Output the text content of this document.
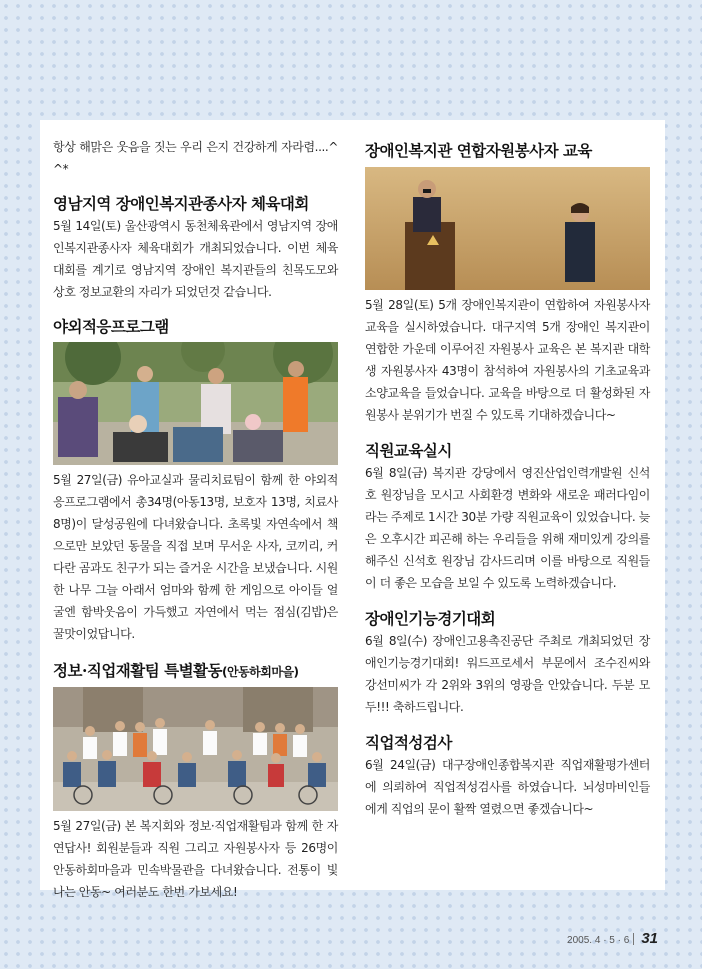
항상 해맑은 웃음을 짓는 우리 은지 건강하게 자라렴....^^*

영남지역 장애인복지관종사자 체육대회

5월 14일(토) 울산광역시 동천체육관에서 영남지역 장애인복지관종사자 체육대회가 개최되었습니다. 이번 체육대회를 계기로 영남지역 장애인 복지관들의 친목도모와 상호 정보교환의 자리가 되었던것 같습니다.

야외적응프로그램

5월 27일(금) 유아교실과 물리치료팀이 함께 한 야외적응프로그램에서 총34명(아동13명, 보호자 13명, 치료사 8명)이 달성공원에 다녀왔습니다. 초록빛 자연속에서 책으로만 보았던 동물을 직접 보며 무서운 사자, 코끼리, 커다란 곰과도 친구가 되는 즐거운 시간을 보냈습니다. 시원한 나무 그늘 아래서 엄마와 함께 한 게임으로 아이들 얼굴엔 함박웃음이 가득했고 자연에서 먹는 점심(김밥)은 꿀맛이었답니다.

정보·직업재활팀 특별활동(안동하회마을)

5월 27일(금) 본 복지회와 정보·직업재활팀과 함께 한 자연답사! 회원분들과 직원 그리고 자원봉사자 등 26명이 안동하회마을과 민속박물관을 다녀왔습니다. 전통이 빛나는 안동~ 여러분도 한번 가보세요!

장애인복지관 연합자원봉사자 교육

5월 28일(토) 5개 장애인복지관이 연합하여 자원봉사자 교육을 실시하였습니다. 대구지역 5개 장애인 복지관이 연합한 가운데 이루어진 자원봉사 교육은 본 복지관 대학생 자원봉사자 43명이 참석하여 자원봉사의 기초교육과 소양교육을 들었습니다. 교육을 바탕으로 더 활성화된 자원봉사 분위기가 번질 수 있도록 기대하겠습니다~

직원교육실시

6월 8일(금) 복지관 강당에서 영진산업인력개발원 신석호 원장님을 모시고 사회환경 변화와 새로운 패러다임이라는 주제로 1시간 30분 가량 직원교육이 있었습니다. 늦은 오후시간 피곤해 하는 우리들을 위해 재미있게 강의를 해주신 신석호 원장님 감사드리며 이를 바탕으로 직원들이 더 좋은 모습을 보일 수 있도록 노력하겠습니다.

장애인기능경기대회

6월 8일(수) 장애인고용촉진공단 주최로 개최되었던 장애인기능경기대회! 워드프로세서 부문에서 조수진씨와 강선미씨가 각 2위와 3위의 영광을 안았습니다. 두분 모두!!! 축하드립니다.

직업적성검사

6월 24일(금) 대구장애인종합복지관 직업재활평가센터에 의뢰하여 직업적성검사를 하였습니다. 뇌성마비인들에게 직업의 문이 활짝 열렸으면 좋겠습니다~

2005. 4 · 5 · 6 31
